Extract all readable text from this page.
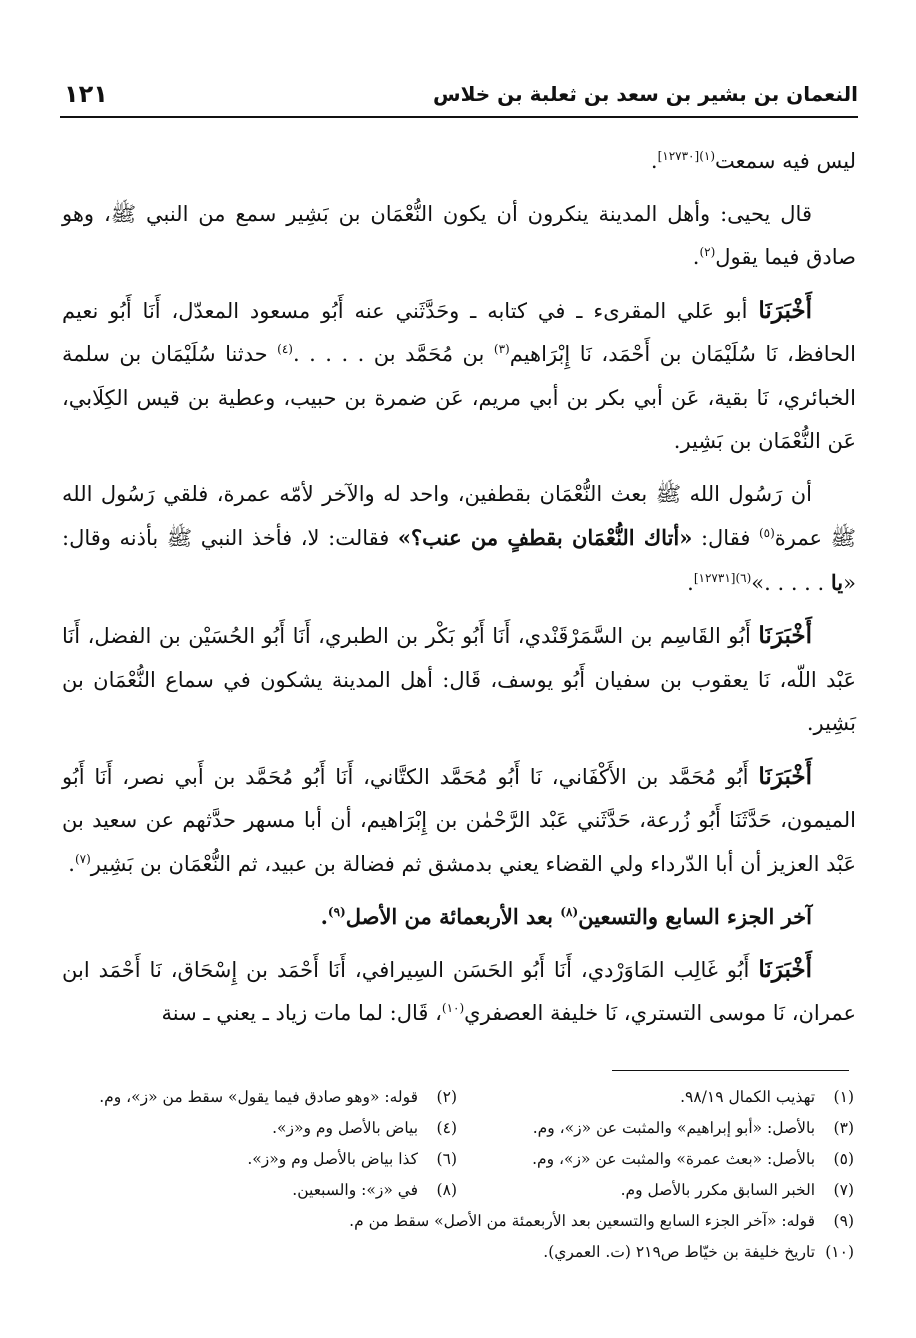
١٢١	النعمان بن بشير بن سعد بن ثعلبة بن خلاس

ليس فيه سمعت$^{(١)[١٢٧٣٠]}$.

قال يحيى: وأهل المدينة ينكرون أن يكون النُّعْمَان بن بَشِير سمع من النبي ﷺ، وهو صادق فيما يقول$^{(٢)}$.

أَخْبَرَنَا أبو عَلي المقرىء ـ في كتابه ـ وحَدَّثَني عنه أَبُو مسعود المعدّل، أَنَا أَبُو نعيم الحافظ، نَا سُلَيْمَان بن أَحْمَد، نَا إِبْرَاهيم$^{(٣)}$ بن مُحَمَّد بن . . . . .$^{(٤)}$ حدثنا سُلَيْمَان بن سلمة الخبائري، نَا بقية، عَن أبي بكر بن أبي مريم، عَن ضمرة بن حبيب، وعطية بن قيس الكِلَابي، عَن النُّعْمَان بن بَشِير.

أن رَسُول الله ﷺ بعث النُّعْمَان بقطفين، واحد له والآخر لأمّه عمرة، فلقي رَسُول الله ﷺ عمرة$^{(٥)}$ فقال: «أتاك النُّعْمَان بقطفٍ من عنب؟» فقالت: لا، فأخذ النبي ﷺ بأذنه وقال: «يا . . . . .»$^{(٦)[١٢٧٣١]}$.

أَخْبَرَنَا أَبُو القَاسِم بن السَّمَرْقَنْدي، أَنَا أَبُو بَكْر بن الطبري، أَنَا أَبُو الحُسَيْن بن الفضل، أَنَا عَبْد اللّه، نَا يعقوب بن سفيان أَبُو يوسف، قَال: أهل المدينة يشكون في سماع النُّعْمَان بن بَشِير.

أَخْبَرَنَا أَبُو مُحَمَّد بن الأَكْفَاني، نَا أَبُو مُحَمَّد الكتَّاني، أَنَا أَبُو مُحَمَّد بن أَبي نصر، أَنَا أَبُو الميمون، حَدَّثَنَا أَبُو زُرعة، حَدَّثَني عَبْد الرَّحْمٰن بن إِبْرَاهيم، أن أبا مسهر حدَّثهم عن سعيد بن عَبْد العزيز أن أبا الدّرداء ولي القضاء يعني بدمشق ثم فضالة بن عبيد، ثم النُّعْمَان بن بَشِير$^{(٧)}$.

آخر الجزء السابع والتسعين$^{(٨)}$ بعد الأربعمائة من الأصل$^{(٩)}$.

أَخْبَرَنَا أَبُو غَالِب المَاوَرْدي، أَنَا أَبُو الحَسَن السِيرافي، أَنَا أَحْمَد بن إِسْحَاق، نَا أَحْمَد ابن عمران، نَا موسى التستري، نَا خليفة العصفري$^{(١٠)}$، قَال: لما مات زياد ـ يعني ـ سنة

(١) تهذيب الكمال ٩٨/١٩.
(٢) قوله: «وهو صادق فيما يقول» سقط من «ز»، وم.
(٣) بالأصل: «أبو إبراهيم» والمثبت عن «ز»، وم.
(٤) بياض بالأصل وم و«ز».
(٥) بالأصل: «بعث عمرة» والمثبت عن «ز»، وم.
(٦) كذا بياض بالأصل وم و«ز».
(٧) الخبر السابق مكرر بالأصل وم.
(٨) في «ز»: والسبعين.
(٩) قوله: «آخر الجزء السابع والتسعين بعد الأربعمئة من الأصل» سقط من م.
(١٠) تاريخ خليفة بن خيّاط ص٢١٩ (ت. العمري).
